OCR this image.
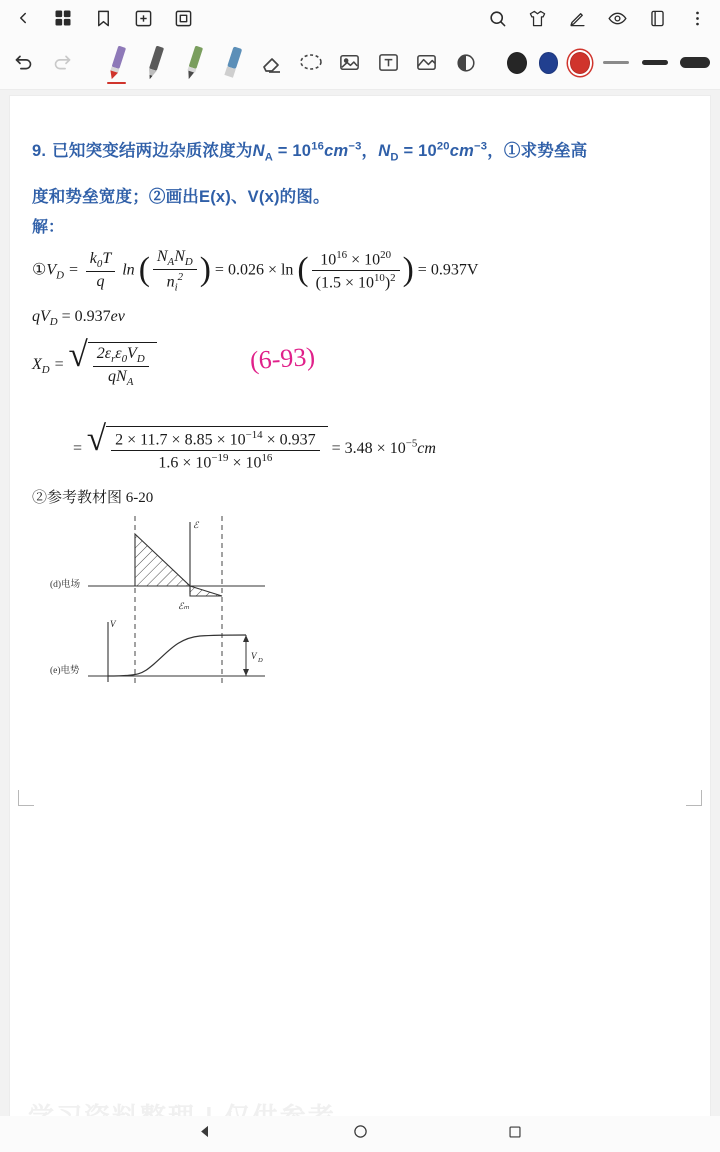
9. 已知突变结两边杂质浓度为$N_A = 10^{16}cm^{-3}$，$N_D = 10^{20}cm^{-3}$，①求势垒高
度和势垒宽度；②画出E(x)、V(x)的图。
解：
$①V_D = \frac{k_0T}{q}$ ln ( $\frac{N_AN_D}{n_i^2}$ ) = 0.026 × ln ( $\frac{10^{16} \times 10^{20}}{(1.5 \times 10^{10})^2}$ ) = 0.937V
$qV_D = 0.937ev$
$X_D$ = √ $\frac{2\varepsilon_r\varepsilon_0V_D}{qN_A}$
= √ $\frac{2 \times 11.7 \times 8.85 \times 10^{-14} \times 0.937}{1.6 \times 10^{-19} \times 10^{16}} = 3.48 \times 10^{-5}cm$
(6-93)
②参考教材图 6-20
ℰ
ℰₘ
V
V D
(d)电场
(e)电势
